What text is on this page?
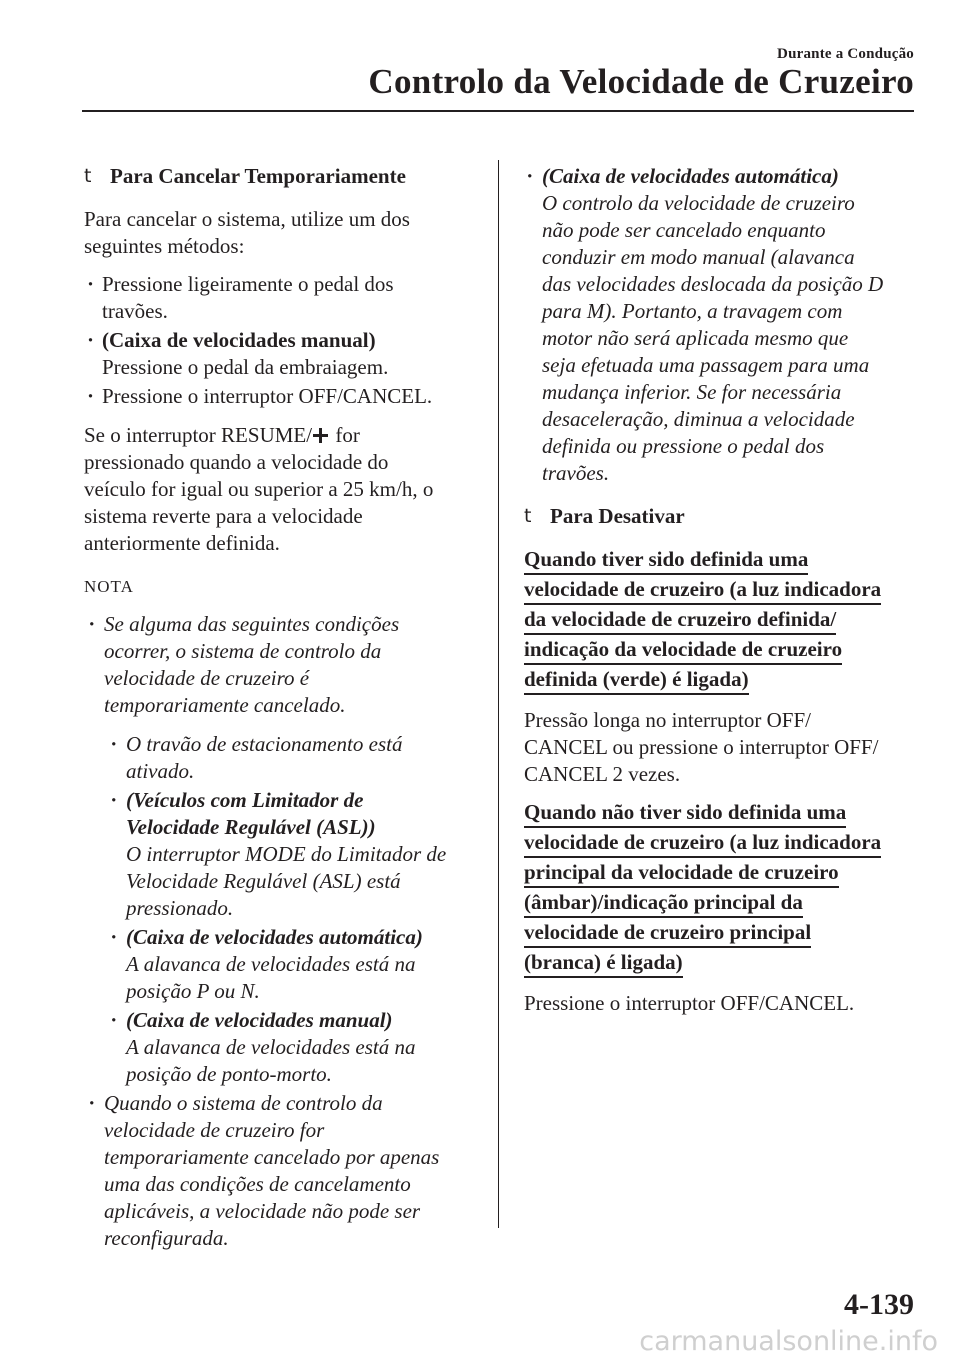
Durante a Condução
Controlo da Velocidade de Cruzeiro
t Para Cancelar Temporariamente

Para cancelar o sistema, utilize um dos
seguintes métodos:

· Pressione ligeiramente o pedal dos
travões.
· (Caixa de velocidades manual)
Pressione o pedal da embraiagem.
· Pressione o interruptor OFF/CANCEL.

Se o interruptor RESUME/ for
pressionado quando a velocidade do
veículo for igual ou superior a 25 km/h, o
sistema reverte para a velocidade
anteriormente definida.

NOTA
· Se alguma das seguintes condições
ocorrer, o sistema de controlo da
velocidade de cruzeiro é
temporariamente cancelado.
· O travão de estacionamento está
ativado.
· (Veículos com Limitador de
Velocidade Regulável (ASL))
O interruptor MODE do Limitador de
Velocidade Regulável (ASL) está
pressionado.
· (Caixa de velocidades automática)
A alavanca de velocidades está na
posição P ou N.
· (Caixa de velocidades manual)
A alavanca de velocidades está na
posição de ponto-morto.
· Quando o sistema de controlo da
velocidade de cruzeiro for
temporariamente cancelado por apenas
uma das condições de cancelamento
aplicáveis, a velocidade não pode ser
reconfigurada.
· (Caixa de velocidades automática)
O controlo da velocidade de cruzeiro
não pode ser cancelado enquanto
conduzir em modo manual (alavanca
das velocidades deslocada da posição D
para M). Portanto, a travagem com
motor não será aplicada mesmo que
seja efetuada uma passagem para uma
mudança inferior. Se for necessária
desaceleração, diminua a velocidade
definida ou pressione o pedal dos
travões.
t Para Desativar
Quando tiver sido definida uma
velocidade de cruzeiro (a luz indicadora
da velocidade de cruzeiro definida/
indicação da velocidade de cruzeiro
definida (verde) é ligada)

Pressão longa no interruptor OFF/
CANCEL ou pressione o interruptor OFF/
CANCEL 2 vezes.

Quando não tiver sido definida uma
velocidade de cruzeiro (a luz indicadora
principal da velocidade de cruzeiro
(âmbar)/indicação principal da
velocidade de cruzeiro principal
(branca) é ligada)

Pressione o interruptor OFF/CANCEL.

4-139
carmanualsonline.info
